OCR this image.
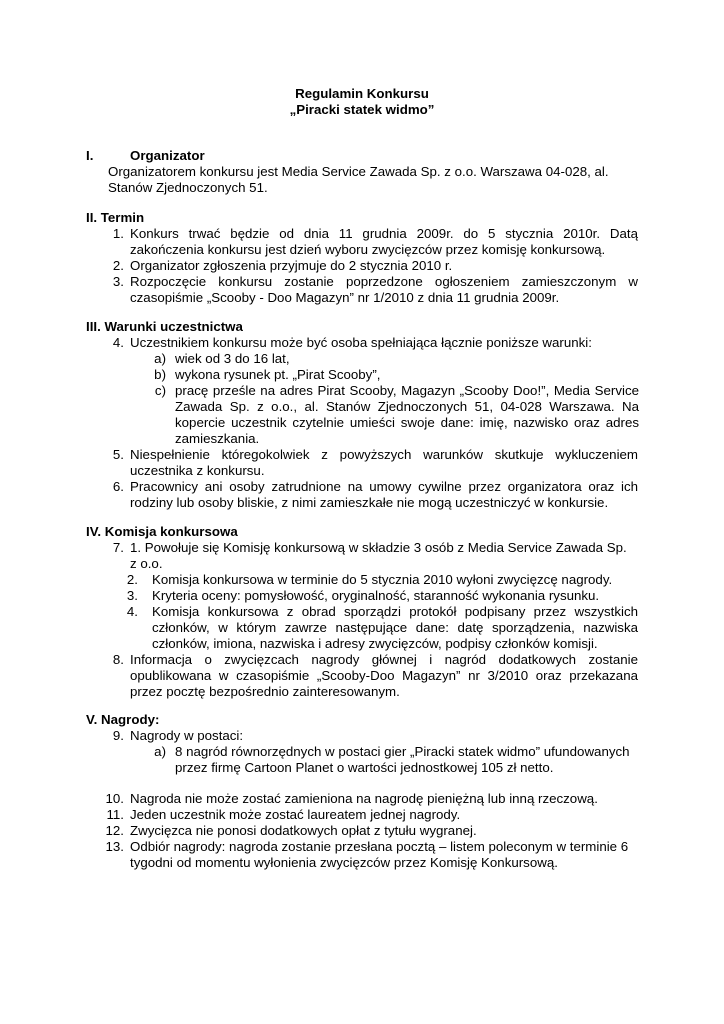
Regulamin Konkursu
„Piracki statek widmo”
I.	Organizator
Organizatorem konkursu jest Media Service Zawada Sp. z o.o. Warszawa 04-028, al.
Stanów Zjednoczonych 51.
II. Termin
1. Konkurs trwać będzie od dnia 11 grudnia 2009r. do 5 stycznia 2010r. Datą
zakończenia konkursu jest dzień wyboru zwycięzców przez komisję konkursową.
2. Organizator zgłoszenia przyjmuje do 2 stycznia 2010 r.
3. Rozpoczęcie konkursu zostanie poprzedzone ogłoszeniem zamieszczonym w
czasopiśmie „Scooby - Doo Magazyn” nr 1/2010 z dnia 11 grudnia 2009r.
III. Warunki uczestnictwa
4. Uczestnikiem konkursu może być osoba spełniająca łącznie poniższe warunki:
a) wiek od 3 do 16 lat,
b) wykona rysunek pt. „Pirat Scooby”,
c) pracę prześle na adres Pirat Scooby, Magazyn „Scooby Doo!”, Media Service
Zawada Sp. z o.o., al. Stanów Zjednoczonych 51, 04-028 Warszawa. Na
kopercie uczestnik czytelnie umieści swoje dane: imię, nazwisko oraz adres
zamieszkania.
5. Niespełnienie któregokolwiek z powyższych warunków skutkuje wykluczeniem
uczestnika z konkursu.
6. Pracownicy ani osoby zatrudnione na umowy cywilne przez organizatora oraz ich
rodziny lub osoby bliskie, z nimi zamieszkałe nie mogą uczestniczyć w konkursie.
IV. Komisja konkursowa
7. 1. Powołuje się Komisję konkursową w składzie 3 osób z Media Service Zawada Sp.
z o.o.
2. Komisja konkursowa w terminie do 5 stycznia 2010 wyłoni zwycięzcę nagrody.
3. Kryteria oceny: pomysłowość, oryginalność, staranność wykonania rysunku.
4. Komisja konkursowa z obrad sporządzi protokół podpisany przez wszystkich
członków, w którym zawrze następujące dane: datę sporządzenia, nazwiska
członków, imiona, nazwiska i adresy zwycięzców, podpisy członków komisji.
8. Informacja o zwycięzcach nagrody głównej i nagród dodatkowych zostanie
opublikowana w czasopiśmie „Scooby-Doo Magazyn” nr 3/2010 oraz przekazana
przez pocztę bezpośrednio zainteresowanym.
V. Nagrody:
9. Nagrody w postaci:
a) 8 nagród równorzędnych w postaci gier „Piracki statek widmo” ufundowanych
przez firmę Cartoon Planet o wartości jednostkowej 105 zł netto.
10. Nagroda nie może zostać zamieniona na nagrodę pieniężną lub inną rzeczową.
11. Jeden uczestnik może zostać laureatem jednej nagrody.
12. Zwycięzca nie ponosi dodatkowych opłat z tytułu wygranej.
13. Odbiór nagrody: nagroda zostanie przesłana pocztą – listem poleconym w terminie 6
tygodni od momentu wyłonienia zwycięzców przez Komisję Konkursową.
